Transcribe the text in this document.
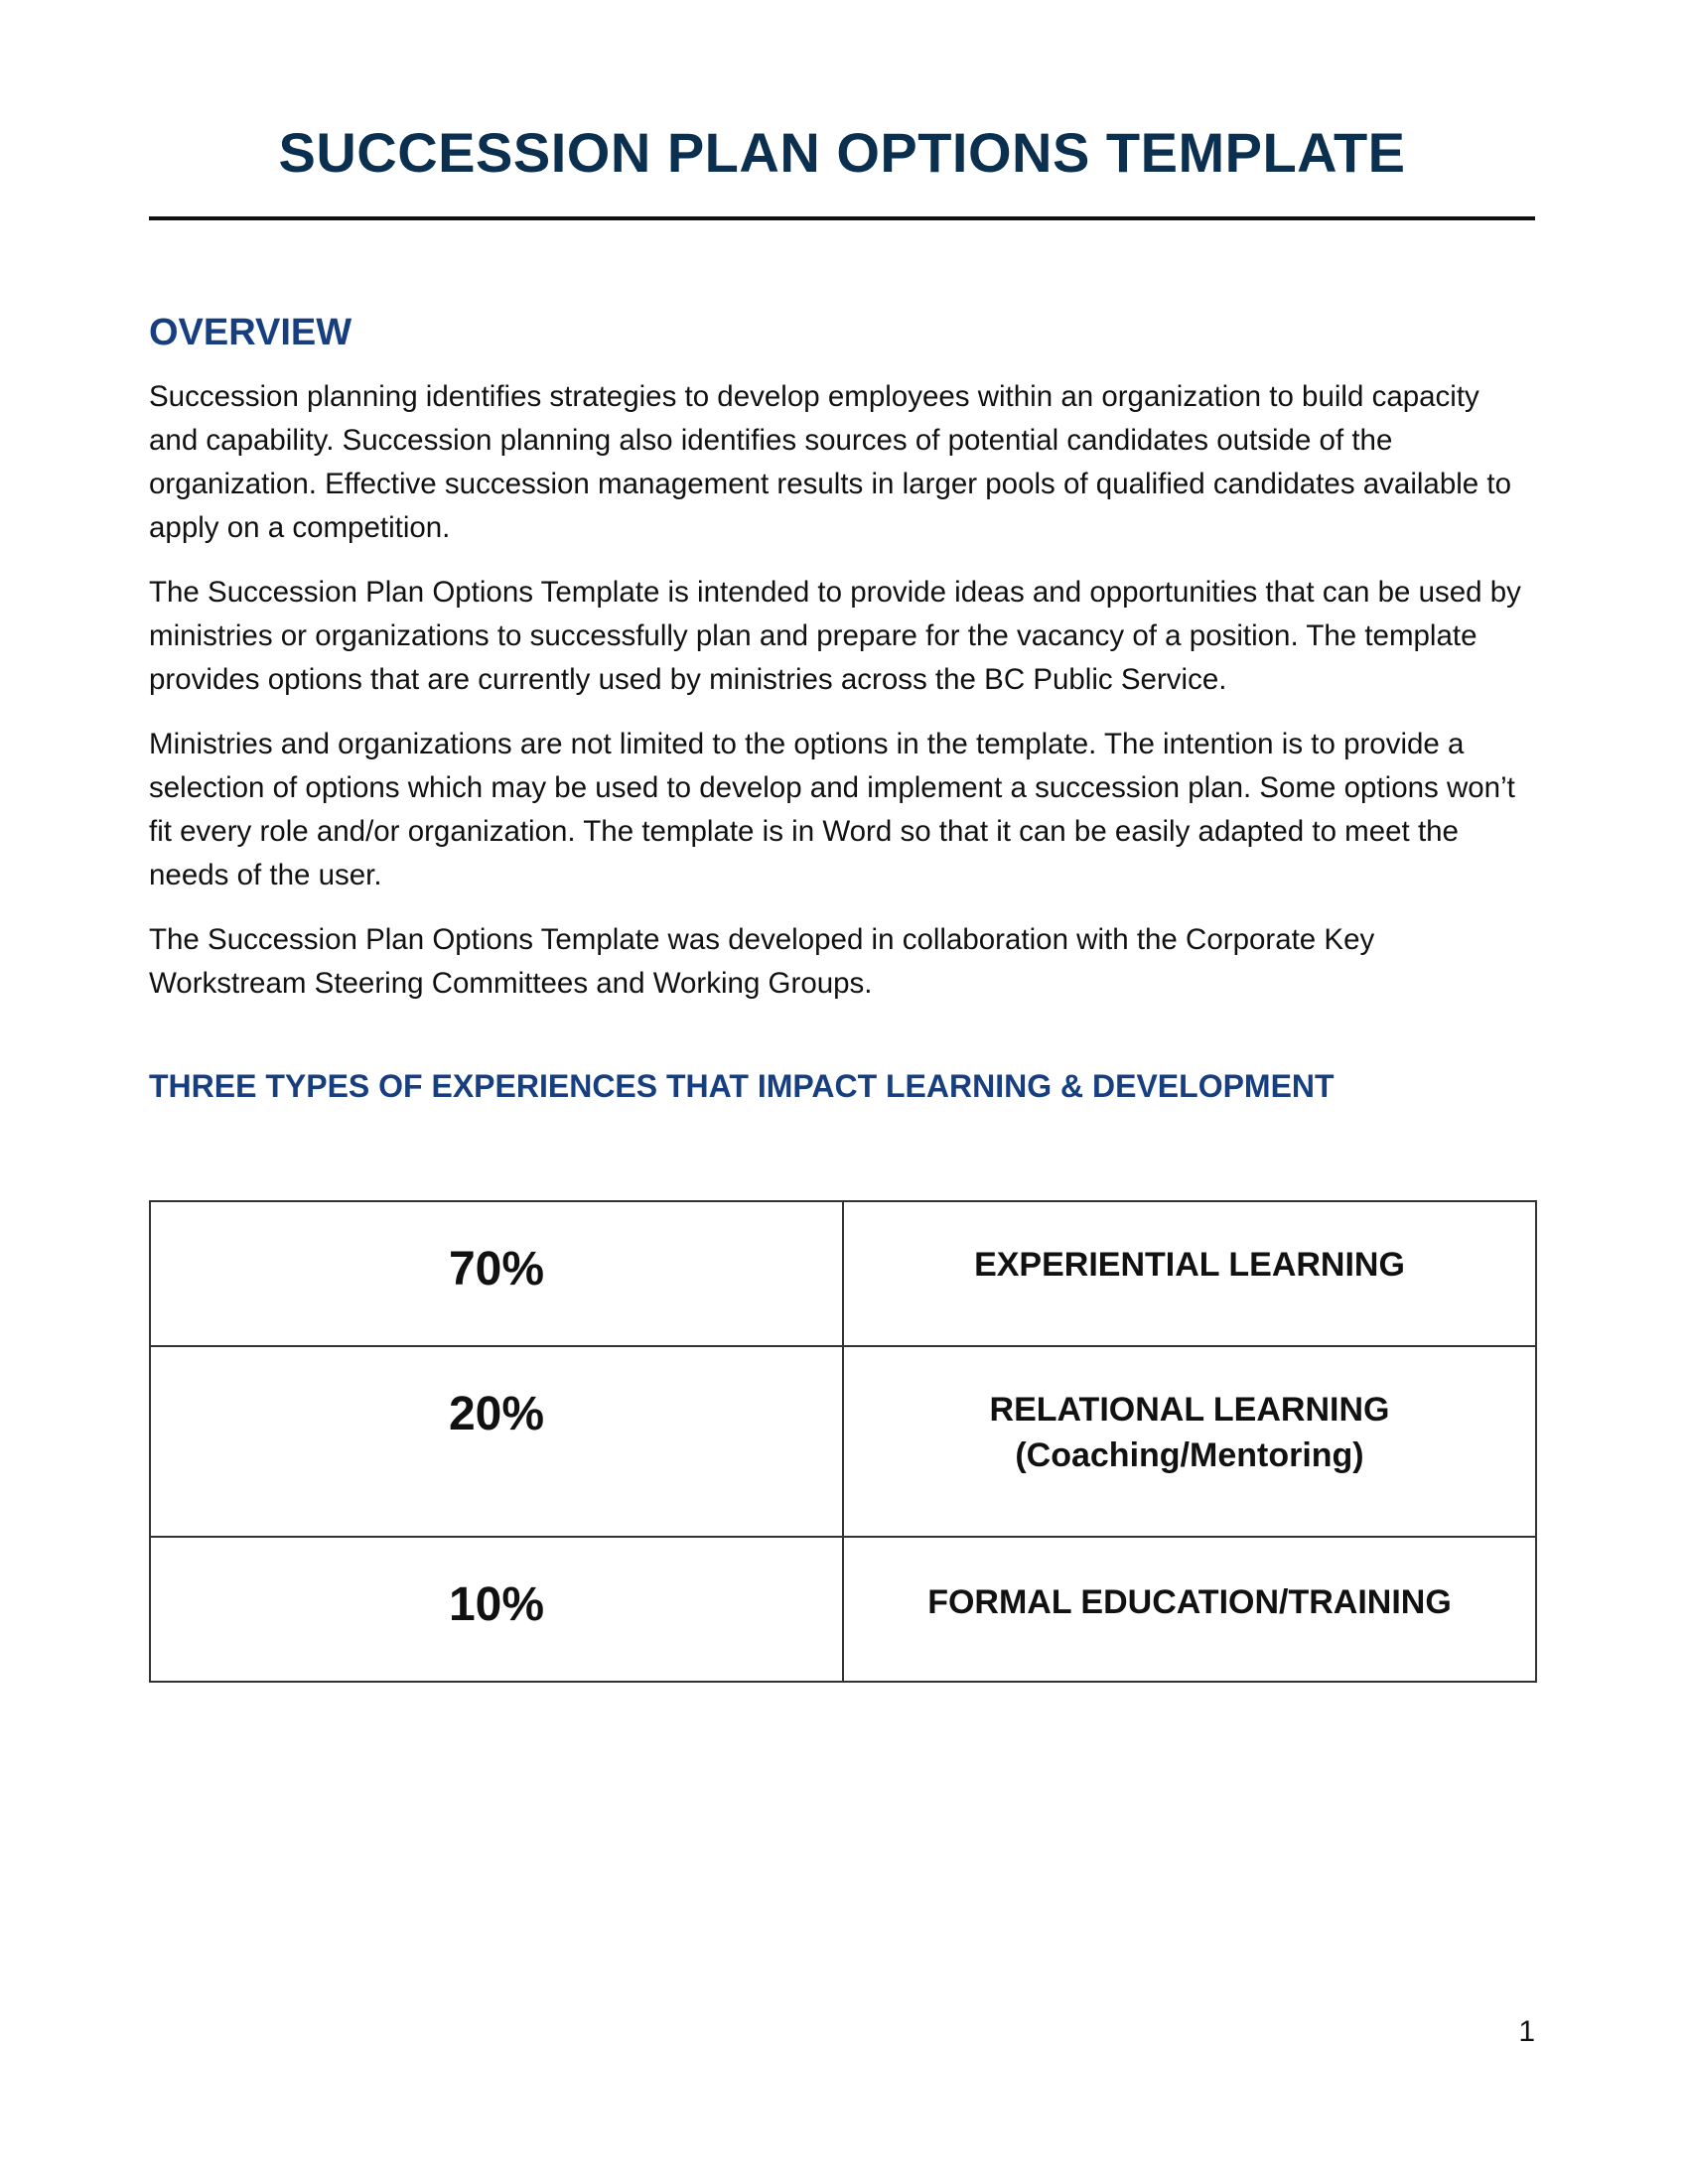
SUCCESSION PLAN OPTIONS TEMPLATE
OVERVIEW

Succession planning identifies strategies to develop employees within an organization to build capacity and capability. Succession planning also identifies sources of potential candidates outside of the organization. Effective succession management results in larger pools of qualified candidates available to apply on a competition.

The Succession Plan Options Template is intended to provide ideas and opportunities that can be used by ministries or organizations to successfully plan and prepare for the vacancy of a position. The template provides options that are currently used by ministries across the BC Public Service.

Ministries and organizations are not limited to the options in the template. The intention is to provide a selection of options which may be used to develop and implement a succession plan. Some options won’t fit every role and/or organization. The template is in Word so that it can be easily adapted to meet the needs of the user.

The Succession Plan Options Template was developed in collaboration with the Corporate Key Workstream Steering Committees and Working Groups.

THREE TYPES OF EXPERIENCES THAT IMPACT LEARNING & DEVELOPMENT
70%	EXPERIENTIAL LEARNING

20%	RELATIONAL LEARNING
(Coaching/Mentoring)

10%	FORMAL EDUCATION/TRAINING
1
